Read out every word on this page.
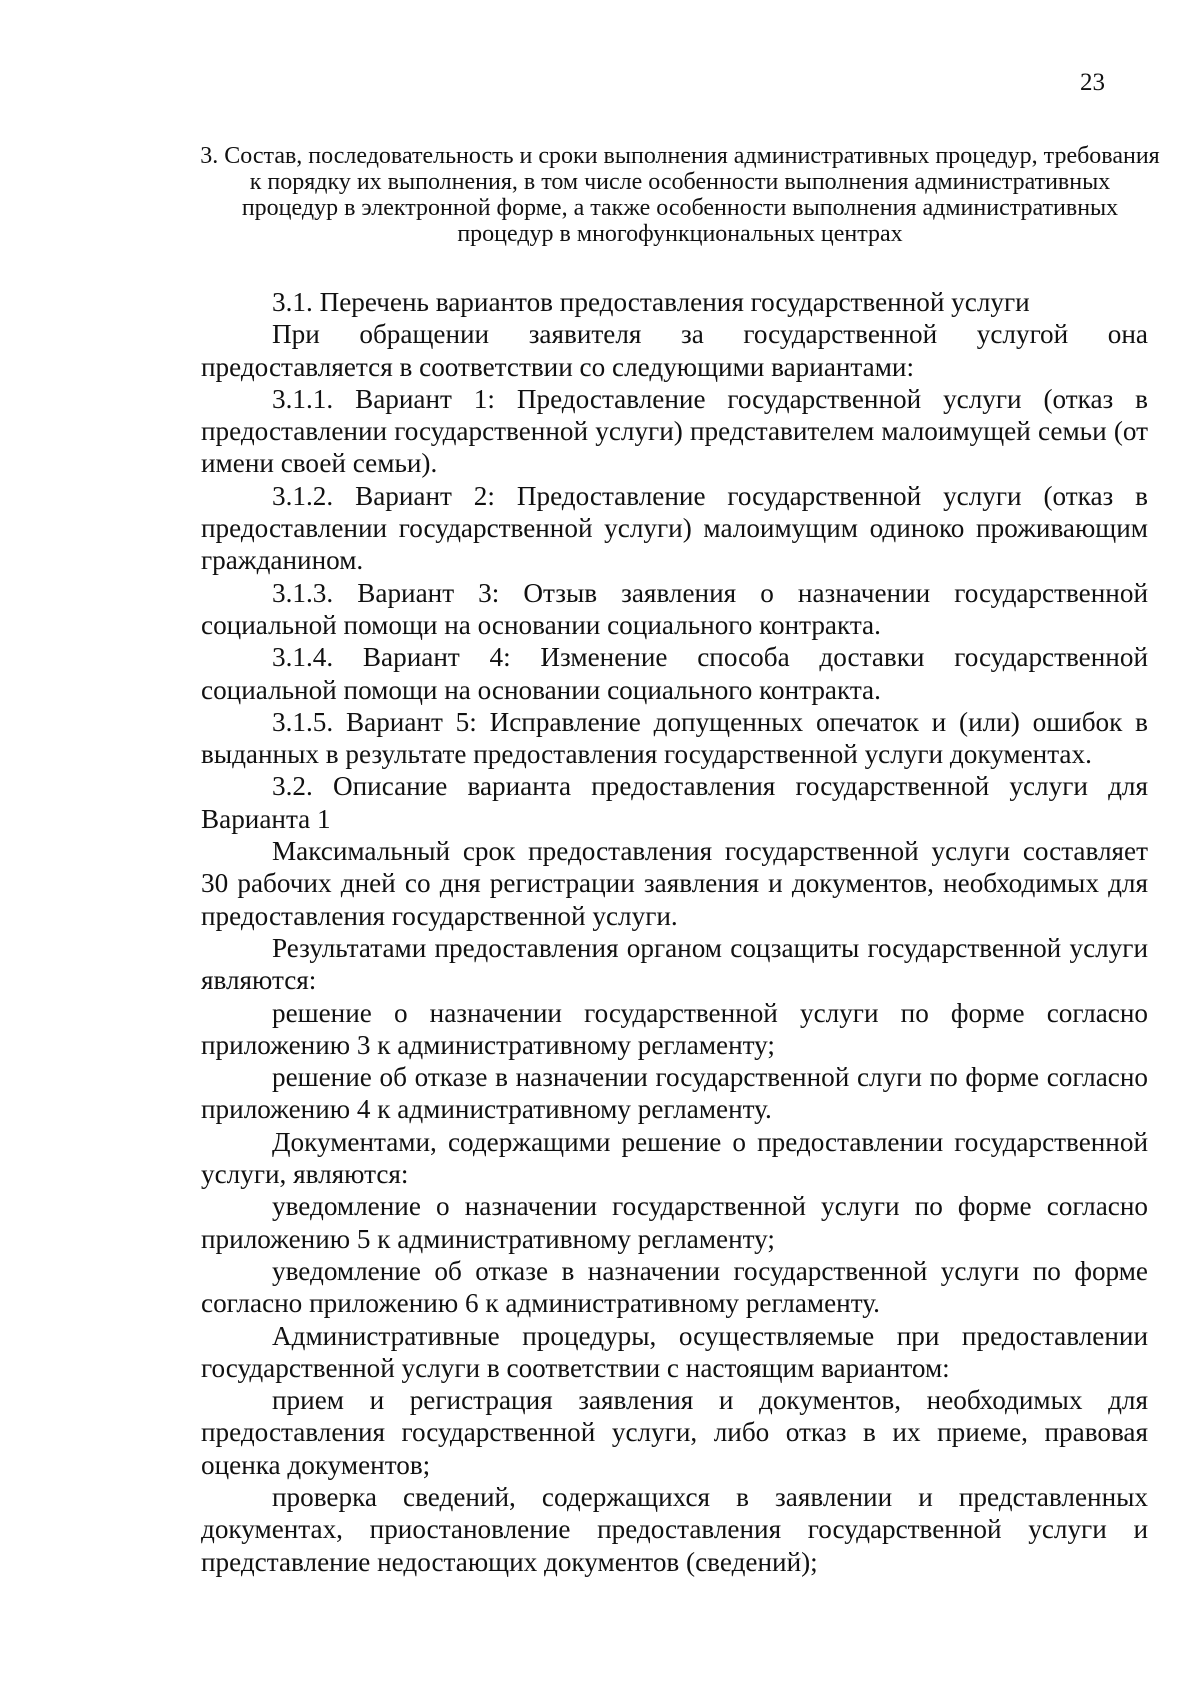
23
3. Состав, последовательность и сроки выполнения административных процедур, требования к порядку их выполнения, в том числе особенности выполнения административных процедур в электронной форме, а также особенности выполнения административных процедур в многофункциональных центрах

3.1. Перечень вариантов предоставления государственной услуги

При обращении заявителя за государственной услугой она предоставляется в соответствии со следующими вариантами:

3.1.1. Вариант 1: Предоставление государственной услуги (отказ в предоставлении государственной услуги) представителем малоимущей семьи (от имени своей семьи).

3.1.2. Вариант 2: Предоставление государственной услуги (отказ в предоставлении государственной услуги) малоимущим одиноко проживающим гражданином.

3.1.3. Вариант 3: Отзыв заявления о назначении государственной социальной помощи на основании социального контракта.

3.1.4. Вариант 4: Изменение способа доставки государственной социальной помощи на основании социального контракта.

3.1.5. Вариант 5: Исправление допущенных опечаток и (или) ошибок в выданных в результате предоставления государственной услуги документах.

3.2. Описание варианта предоставления государственной услуги для Варианта 1

Максимальный срок предоставления государственной услуги составляет 30 рабочих дней со дня регистрации заявления и документов, необходимых для предоставления государственной услуги.

Результатами предоставления органом соцзащиты государственной услуги являются:

решение о назначении государственной услуги по форме согласно приложению 3 к административному регламенту;

решение об отказе в назначении государственной слуги по форме согласно приложению 4 к административному регламенту.

Документами, содержащими решение о предоставлении государственной услуги, являются:

уведомление о назначении государственной услуги по форме согласно приложению 5 к административному регламенту;

уведомление об отказе в назначении государственной услуги по форме согласно приложению 6 к административному регламенту.

Административные процедуры, осуществляемые при предоставлении государственной услуги в соответствии с настоящим вариантом:

прием и регистрация заявления и документов, необходимых для предоставления государственной услуги, либо отказ в их приеме, правовая оценка документов;

проверка сведений, содержащихся в заявлении и представленных документах, приостановление предоставления государственной услуги и представление недостающих документов (сведений);
